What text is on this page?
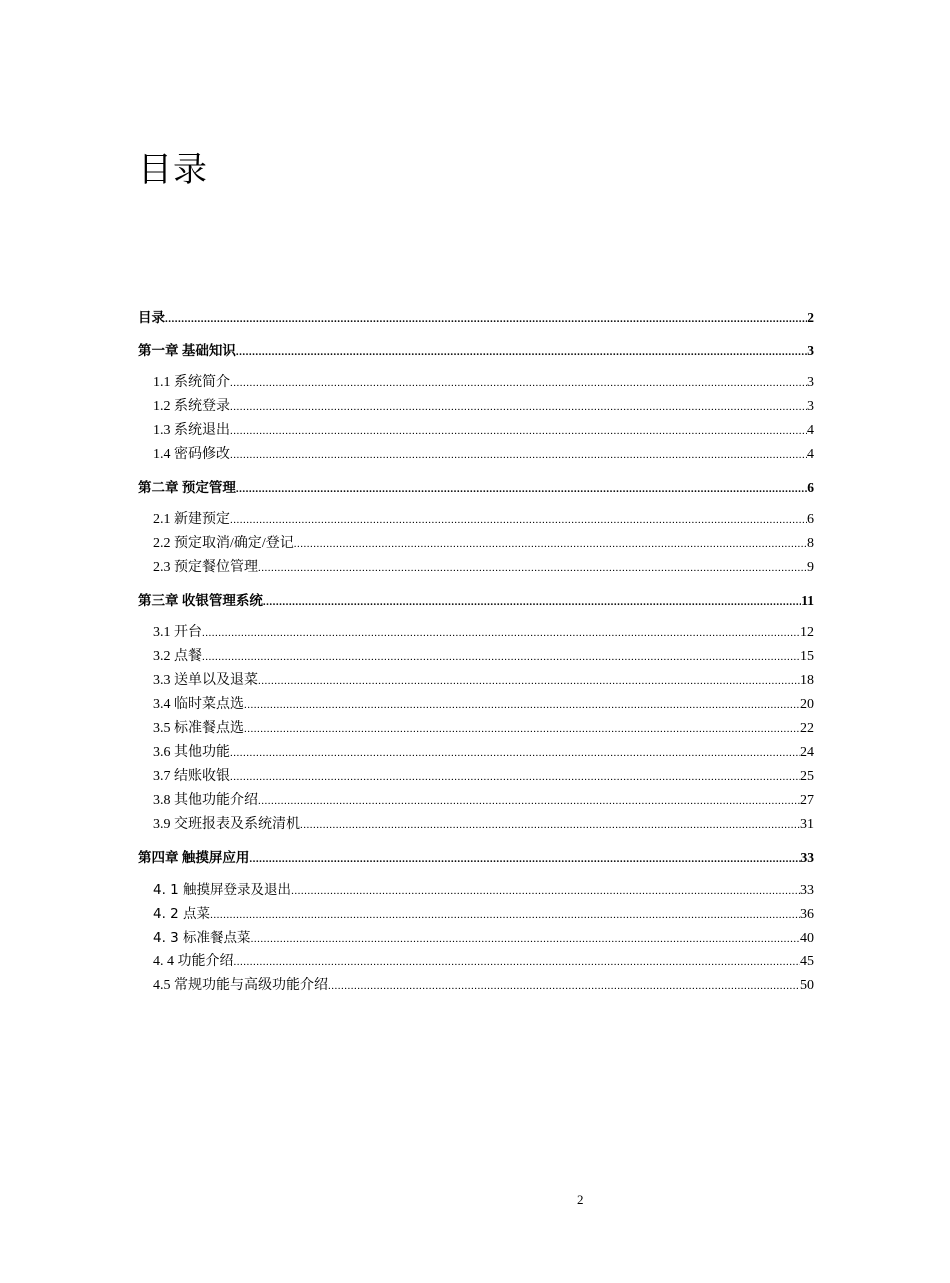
目录
目录 .....	2
第一章 基础知识 .....	3
1.1 系统简介 .....	3
1.2 系统登录 .....	3
1.3 系统退出 .....	4
1.4 密码修改 .....	4
第二章 预定管理 .....	6
2.1 新建预定 .....	6
2.2 预定取消/确定/登记 .....	8
2.3 预定餐位管理 .....	9
第三章 收银管理系统 .....	11
3.1 开台 .....	12
3.2 点餐 .....	15
3.3 送单以及退菜 .....	18
3.4 临时菜点选 .....	20
3.5 标准餐点选 .....	22
3.6 其他功能 .....	24
3.7 结账收银 .....	25
3.8 其他功能介绍 .....	27
3.9 交班报表及系统清机 .....	31
第四章 触摸屏应用 .....	33
4. 1 触摸屏登录及退出 .....	33
4. 2 点菜 .....	36
4. 3 标准餐点菜 .....	40
4. 4 功能介绍 .....	45
4.5 常规功能与高级功能介绍 .....	50
2
